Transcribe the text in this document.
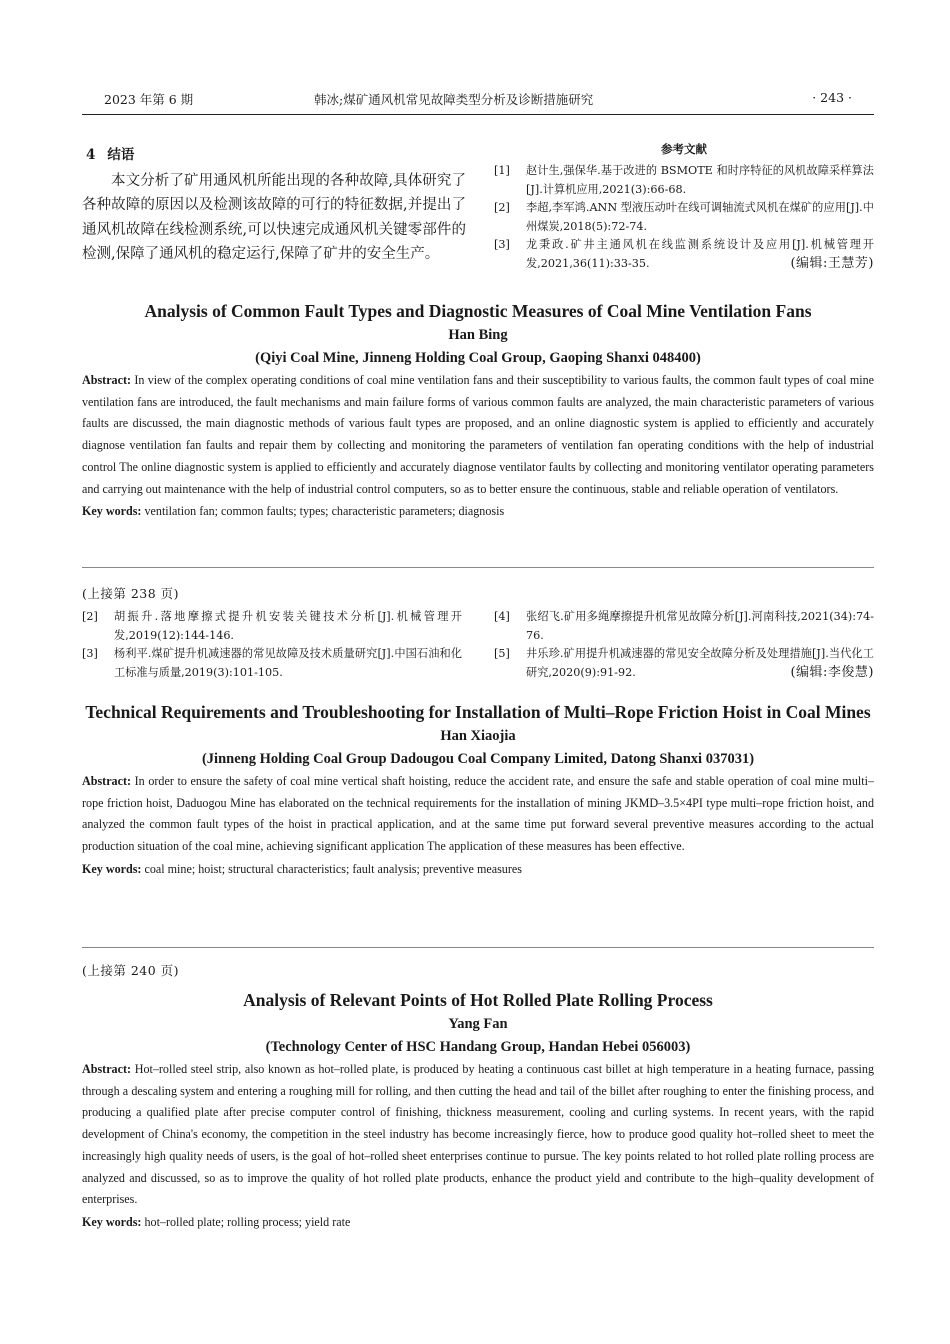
2023 年第 6 期	韩冰;煤矿通风机常见故障类型分析及诊断措施研究	· 243 ·

4 结语

本文分析了矿用通风机所能出现的各种故障,具体研究了各种故障的原因以及检测该故障的可行的特征数据,并提出了通风机故障在线检测系统,可以快速完成通风机关键零部件的检测,保障了通风机的稳定运行,保障了矿井的安全生产。

参考文献

[1] 赵计生,强保华.基于改进的 BSMOTE 和时序特征的风机故障采样算法[J].计算机应用,2021(3):66-68.

[2] 李超,李军鸿.ANN 型液压动叶在线可调轴流式风机在煤矿的应用[J].中州煤炭,2018(5):72-74.

[3] 龙秉政.矿井主通风机在线监测系统设计及应用[J].机械管理开发,2021,36(11):33-35.	(编辑:王慧芳)

Analysis of Common Fault Types and Diagnostic Measures of Coal Mine Ventilation Fans

Han Bing

(Qiyi Coal Mine, Jinneng Holding Coal Group, Gaoping Shanxi 048400)

Abstract: In view of the complex operating conditions of coal mine ventilation fans and their susceptibility to various faults, the common fault types of coal mine ventilation fans are introduced, the fault mechanisms and main failure forms of various common faults are analyzed, the main characteristic parameters of various faults are discussed, the main diagnostic methods of various fault types are proposed, and an online diagnostic system is applied to efficiently and accurately diagnose ventilation fan faults and repair them by collecting and monitoring the parameters of ventilation fan operating conditions with the help of industrial control The online diagnostic system is applied to efficiently and accurately diagnose ventilator faults by collecting and monitoring ventilator operating parameters and carrying out maintenance with the help of industrial control computers, so as to better ensure the continuous, stable and reliable operation of ventilators.

Key words: ventilation fan; common faults; types; characteristic parameters; diagnosis

(上接第 238 页)

[2] 胡振升.落地摩擦式提升机安装关键技术分析[J].机械管理开发,2019(12):144-146.

[3] 杨利平.煤矿提升机减速器的常见故障及技术质量研究[J].中国石油和化工标准与质量,2019(3):101-105.

[4] 张绍飞.矿用多绳摩擦提升机常见故障分析[J].河南科技,2021(34):74-76.

[5] 井乐珍.矿用提升机减速器的常见安全故障分析及处理措施[J].当代化工研究,2020(9):91-92.	(编辑:李俊慧)

Technical Requirements and Troubleshooting for Installation of Multi–Rope Friction Hoist in Coal Mines

Han Xiaojia

(Jinneng Holding Coal Group Dadougou Coal Company Limited, Datong Shanxi 037031)

Abstract: In order to ensure the safety of coal mine vertical shaft hoisting, reduce the accident rate, and ensure the safe and stable operation of coal mine multi–rope friction hoist, Daduogou Mine has elaborated on the technical requirements for the installation of mining JKMD–3.5×4PI type multi–rope friction hoist, and analyzed the common fault types of the hoist in practical application, and at the same time put forward several preventive measures according to the actual production situation of the coal mine, achieving significant application The application of these measures has been effective.

Key words: coal mine; hoist; structural characteristics; fault analysis; preventive measures

(上接第 240 页)

Analysis of Relevant Points of Hot Rolled Plate Rolling Process

Yang Fan

(Technology Center of HSC Handang Group, Handan Hebei 056003)

Abstract: Hot–rolled steel strip, also known as hot–rolled plate, is produced by heating a continuous cast billet at high temperature in a heating furnace, passing through a descaling system and entering a roughing mill for rolling, and then cutting the head and tail of the billet after roughing to enter the finishing process, and producing a qualified plate after precise computer control of finishing, thickness measurement, cooling and curling systems. In recent years, with the rapid development of China's economy, the competition in the steel industry has become increasingly fierce, how to produce good quality hot–rolled sheet to meet the increasingly high quality needs of users, is the goal of hot–rolled sheet enterprises continue to pursue. The key points related to hot rolled plate rolling process are analyzed and discussed, so as to improve the quality of hot rolled plate products, enhance the product yield and contribute to the high–quality development of enterprises.

Key words: hot–rolled plate; rolling process; yield rate
